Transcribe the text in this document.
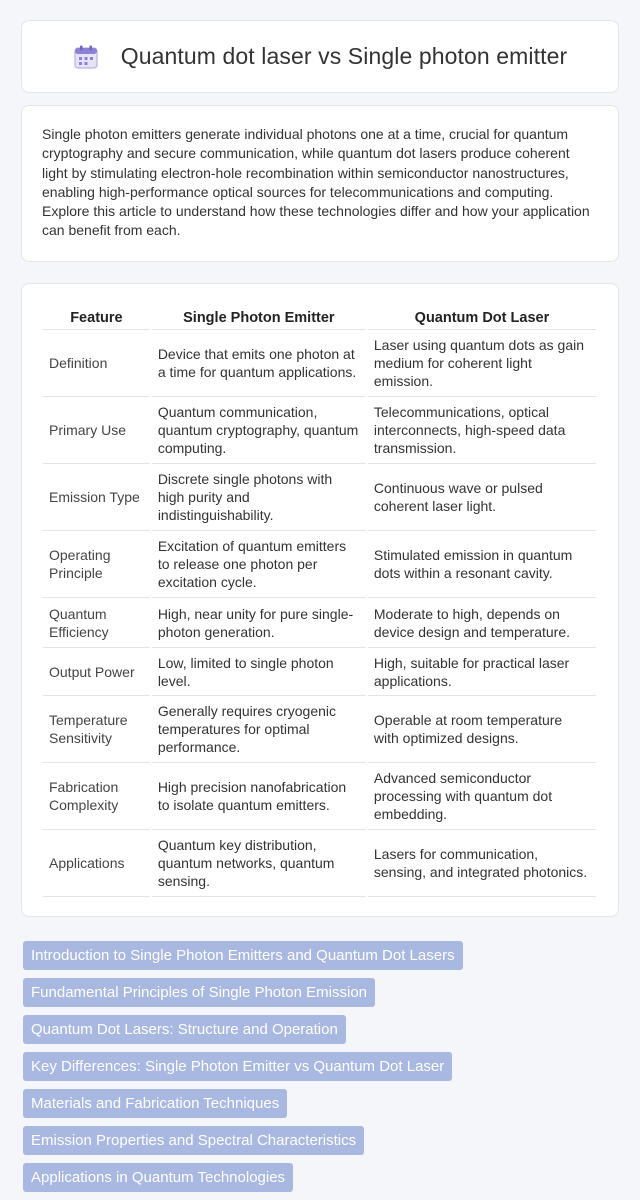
Quantum dot laser vs Single photon emitter

Single photon emitters generate individual photons one at a time, crucial for quantum cryptography and secure communication, while quantum dot lasers produce coherent light by stimulating electron-hole recombination within semiconductor nanostructures, enabling high-performance optical sources for telecommunications and computing. Explore this article to understand how these technologies differ and how your application can benefit from each.

Feature	Single Photon Emitter	Quantum Dot Laser
Definition	Device that emits one photon at a time for quantum applications.	Laser using quantum dots as gain medium for coherent light emission.
Primary Use	Quantum communication, quantum cryptography, quantum computing.	Telecommunications, optical interconnects, high-speed data transmission.
Emission Type	Discrete single photons with high purity and indistinguishability.	Continuous wave or pulsed coherent laser light.
Operating Principle	Excitation of quantum emitters to release one photon per excitation cycle.	Stimulated emission in quantum dots within a resonant cavity.
Quantum Efficiency	High, near unity for pure single-photon generation.	Moderate to high, depends on device design and temperature.
Output Power	Low, limited to single photon level.	High, suitable for practical laser applications.
Temperature Sensitivity	Generally requires cryogenic temperatures for optimal performance.	Operable at room temperature with optimized designs.
Fabrication Complexity	High precision nanofabrication to isolate quantum emitters.	Advanced semiconductor processing with quantum dot embedding.
Applications	Quantum key distribution, quantum networks, quantum sensing.	Lasers for communication, sensing, and integrated photonics.
Introduction to Single Photon Emitters and Quantum Dot Lasers
Fundamental Principles of Single Photon Emission
Quantum Dot Lasers: Structure and Operation
Key Differences: Single Photon Emitter vs Quantum Dot Laser
Materials and Fabrication Techniques
Emission Properties and Spectral Characteristics
Applications in Quantum Technologies
